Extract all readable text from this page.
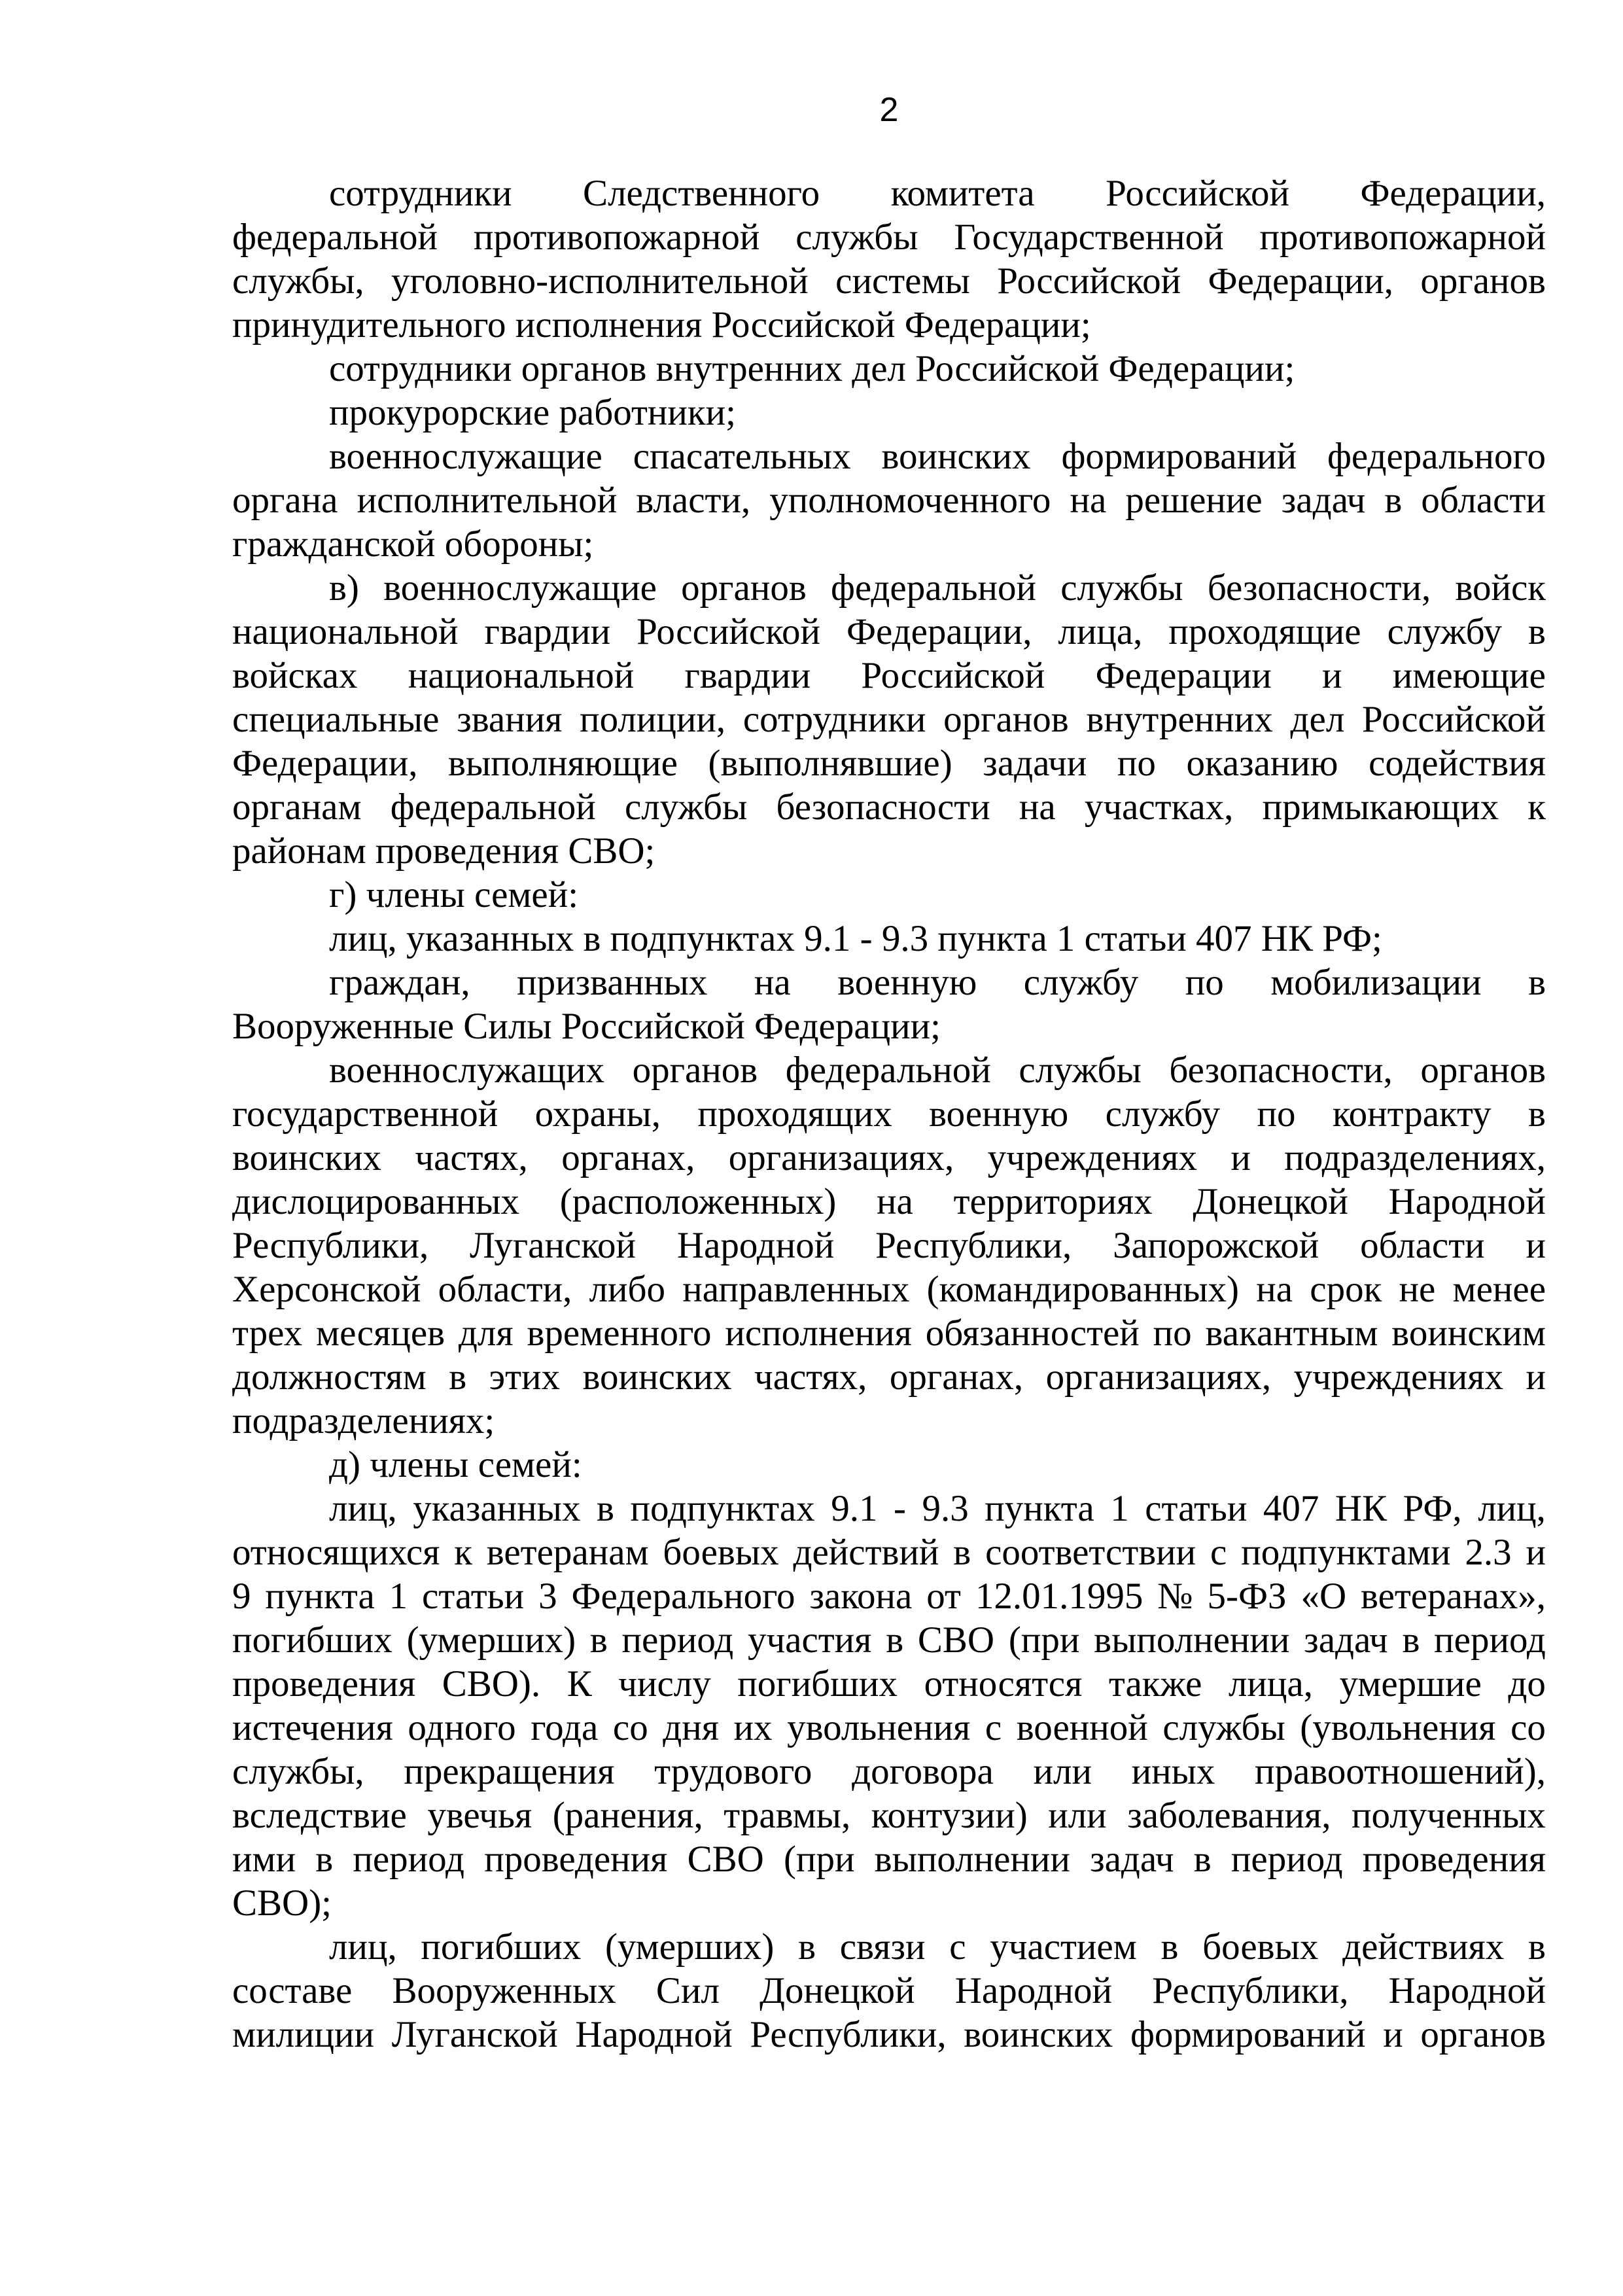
2
сотрудники Следственного комитета Российской Федерации,
федеральной противопожарной службы Государственной противопожарной
службы, уголовно-исполнительной системы Российской Федерации, органов
принудительного исполнения Российской Федерации;
сотрудники органов внутренних дел Российской Федерации;
прокурорские работники;
военнослужащие спасательных воинских формирований федерального
органа исполнительной власти, уполномоченного на решение задач в области
гражданской обороны;
в) военнослужащие органов федеральной службы безопасности, войск
национальной гвардии Российской Федерации, лица, проходящие службу в
войсках национальной гвардии Российской Федерации и имеющие
специальные звания полиции, сотрудники органов внутренних дел Российской
Федерации, выполняющие (выполнявшие) задачи по оказанию содействия
органам федеральной службы безопасности на участках, примыкающих к
районам проведения СВО;
г) члены семей:
лиц, указанных в подпунктах 9.1 - 9.3 пункта 1 статьи 407 НК РФ;
граждан, призванных на военную службу по мобилизации в
Вооруженные Силы Российской Федерации;
военнослужащих органов федеральной службы безопасности, органов
государственной охраны, проходящих военную службу по контракту в
воинских частях, органах, организациях, учреждениях и подразделениях,
дислоцированных (расположенных) на территориях Донецкой Народной
Республики, Луганской Народной Республики, Запорожской области и
Херсонской области, либо направленных (командированных) на срок не менее
трех месяцев для временного исполнения обязанностей по вакантным воинским
должностям в этих воинских частях, органах, организациях, учреждениях и
подразделениях;
д) члены семей:
лиц, указанных в подпунктах 9.1 - 9.3 пункта 1 статьи 407 НК РФ, лиц,
относящихся к ветеранам боевых действий в соответствии с подпунктами 2.3 и
9 пункта 1 статьи 3 Федерального закона от 12.01.1995 № 5-ФЗ «О ветеранах»,
погибших (умерших) в период участия в СВО (при выполнении задач в период
проведения СВО). К числу погибших относятся также лица, умершие до
истечения одного года со дня их увольнения с военной службы (увольнения со
службы, прекращения трудового договора или иных правоотношений),
вследствие увечья (ранения, травмы, контузии) или заболевания, полученных
ими в период проведения СВО (при выполнении задач в период проведения
СВО);
лиц, погибших (умерших) в связи с участием в боевых действиях в
составе Вооруженных Сил Донецкой Народной Республики, Народной
милиции Луганской Народной Республики, воинских формирований и органов
